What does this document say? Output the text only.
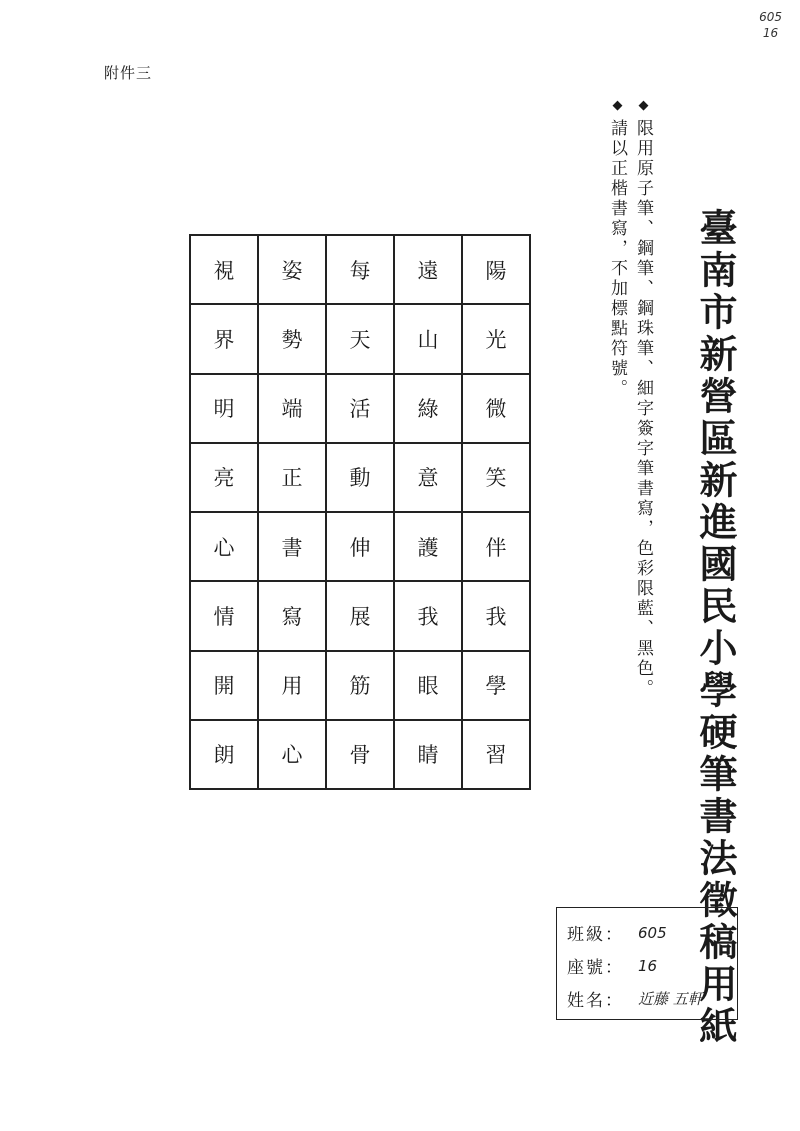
605
16
附件三
臺南市新營區新進國民小學硬筆書法徵稿用紙
◆限用原子筆、鋼筆、鋼珠筆、細字簽字筆書寫，色彩限藍、黑色。
◆請以正楷書寫，不加標點符號。
視	姿	每	遠	陽
界	勢	天	山	光
明	端	活	綠	微
亮	正	動	意	笑
心	書	伸	護	伴
情	寫	展	我	我
開	用	筋	眼	學
朗	心	骨	睛	習
班級： 605
座號： 16
姓名： 近藤 五軒
